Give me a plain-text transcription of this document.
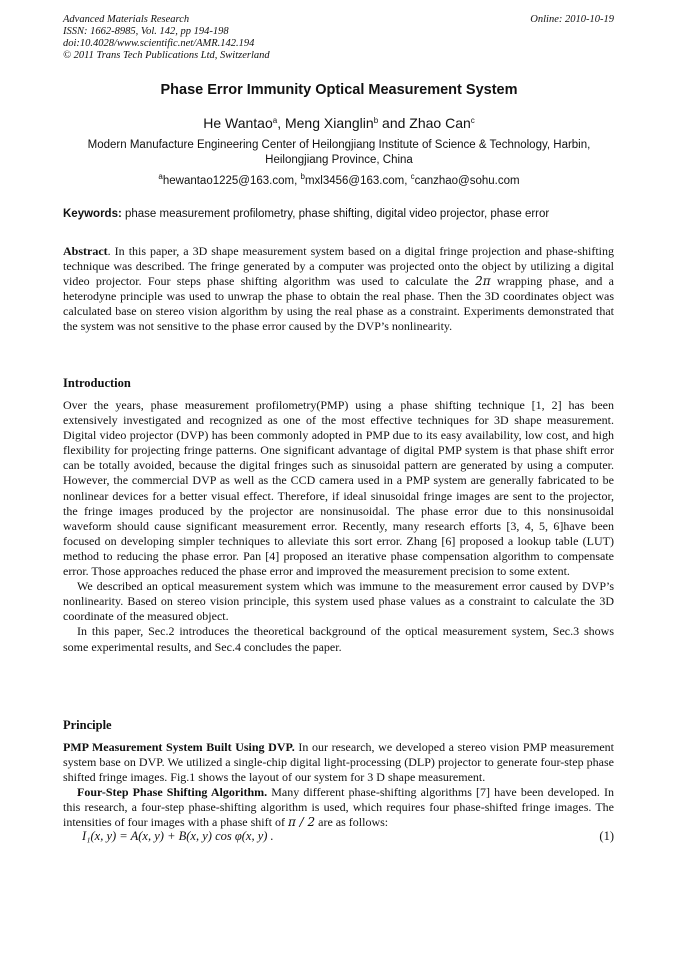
Advanced Materials Research
ISSN: 1662-8985, Vol. 142, pp 194-198
doi:10.4028/www.scientific.net/AMR.142.194
© 2011 Trans Tech Publications Ltd, Switzerland
Online: 2010-10-19
Phase Error Immunity Optical Measurement System
He Wantao$^a$, Meng Xianglin$^b$ and Zhao Can$^c$
Modern Manufacture Engineering Center of Heilongjiang Institute of Science & Technology, Harbin, Heilongjiang Province, China
$^a$hewantao1225@163.com, $^b$mxl3456@163.com, $^c$canzhao@sohu.com
Keywords: phase measurement profilometry, phase shifting, digital video projector, phase error

Abstract. In this paper, a 3D shape measurement system based on a digital fringe projection and phase-shifting technique was described. The fringe generated by a computer was projected onto the object by utilizing a digital video projector. Four steps phase shifting algorithm was used to calculate the 2π wrapping phase, and a heterodyne principle was used to unwrap the phase to obtain the real phase. Then the 3D coordinates object was calculated base on stereo vision algorithm by using the real phase as a constraint. Experiments demonstrated that the system was not sensitive to the phase error caused by the DVP’s nonlinearity.

Introduction

Over the years, phase measurement profilometry(PMP) using a phase shifting technique [1, 2] has been extensively investigated and recognized as one of the most effective techniques for 3D shape measurement. Digital video projector (DVP) has been commonly adopted in PMP due to its easy availability, low cost, and high flexibility for projecting fringe patterns. One significant advantage of digital PMP system is that phase shift error can be totally avoided, because the digital fringes such as sinusoidal pattern are generated by using a computer. However, the commercial DVP as well as the CCD camera used in a PMP system are generally fabricated to be nonlinear devices for a better visual effect. Therefore, if ideal sinusoidal fringe images are sent to the projector, the fringe images produced by the projector are nonsinusoidal. The phase error due to this nonsinusoidal waveform should cause significant measurement error. Recently, many research efforts [3, 4, 5, 6]have been focused on developing simpler techniques to alleviate this sort error. Zhang [6] proposed a lookup table (LUT) method to reducing the phase error. Pan [4] proposed an iterative phase compensation algorithm to compensate error. Those approaches reduced the phase error and improved the measurement precision to some extent.

We described an optical measurement system which was immune to the measurement error caused by DVP’s nonlinearity. Based on stereo vision principle, this system used phase values as a constraint to calculate the 3D coordinate of the measured object.

In this paper, Sec.2 introduces the theoretical background of the optical measurement system, Sec.3 shows some experimental results, and Sec.4 concludes the paper.

Principle

PMP Measurement System Built Using DVP. In our research, we developed a stereo vision PMP measurement system base on DVP. We utilized a single-chip digital light-processing (DLP) projector to generate four-step phase shifted fringe images. Fig.1 shows the layout of our system for 3 D shape measurement.

Four-Step Phase Shifting Algorithm. Many different phase-shifting algorithms [7] have been developed. In this research, a four-step phase-shifting algorithm is used, which requires four phase-shifted fringe images. The intensities of four images with a phase shift of π / 2 are as follows:

I₁(x, y) = A(x, y) + B(x, y) cos φ(x, y) .	(1)
